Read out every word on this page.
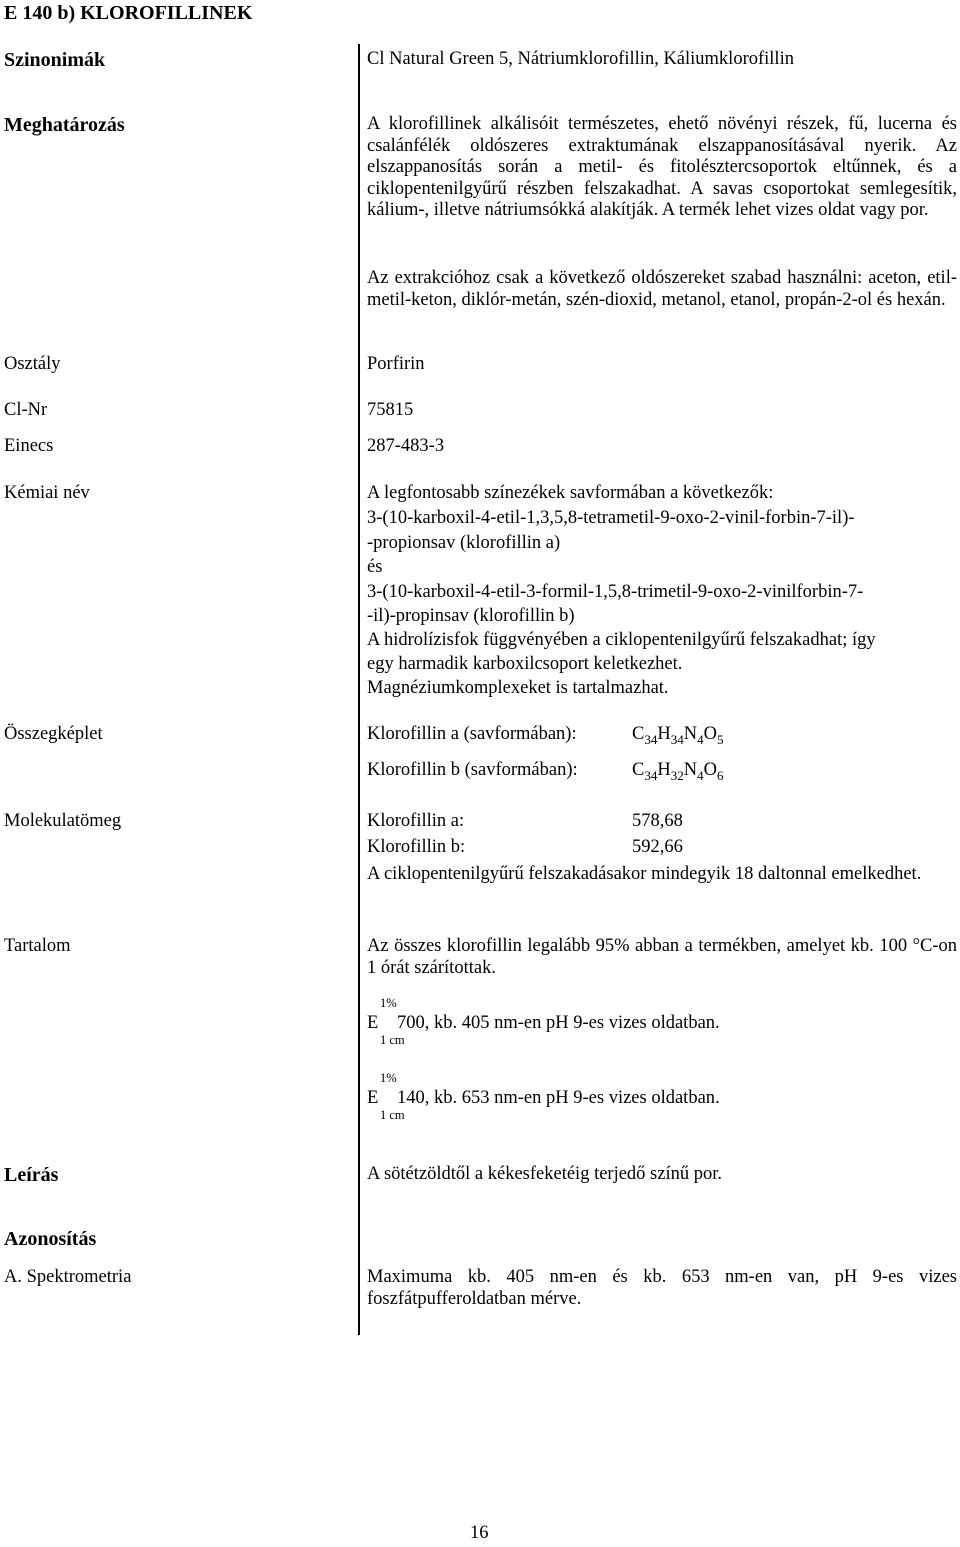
E 140 b) KLOROFILLINEK
Szinonimák	Cl Natural Green 5, Nátriumklorofillin, Káliumklorofillin
Meghatározás	A klorofillinek alkálisóit természetes, ehető növényi részek, fű, lucerna és csalánfélék oldószeres extraktumának elszappanosításával nyerik. Az elszappanosítás során a metil- és fitolésztercsoportok eltűnnek, és a ciklopentenilgyűrű részben felszakadhat. A savas csoportokat semlegesítik, kálium-, illetve nátriumsókká alakítják. A termék lehet vizes oldat vagy por.
Az extrakcióhoz csak a következő oldószereket szabad használni: aceton, etil-metil-keton, diklór-metán, szén-dioxid, metanol, etanol, propán-2-ol és hexán.
Osztály	Porfirin
Cl-Nr	75815
Einecs	287-483-3
Kémiai név	A legfontosabb színezékek savformában a következők:
3-(10-karboxil-4-etil-1,3,5,8-tetrametil-9-oxo-2-vinil-forbin-7-il)-
-propionsav (klorofillin a)
és
3-(10-karboxil-4-etil-3-formil-1,5,8-trimetil-9-oxo-2-vinilforbin-7-
-il)-propinsav (klorofillin b)
A hidrolízisfok függvényében a ciklopentenilgyűrű felszakadhat; így
egy harmadik karboxilcsoport keletkezhet.
Magnéziumkomplexeket is tartalmazhat.
Összegképlet	Klorofillin a (savformában):	$C_{34}H_{34}N_4O_5$
Klorofillin b (savformában):	$C_{34}H_{32}N_4O_6$
Molekulatömeg	Klorofillin a:	578,68
Klorofillin b:	592,66
A ciklopentenilgyűrű felszakadásakor mindegyik 18 daltonnal emelkedhet.
Tartalom	Az összes klorofillin legalább 95% abban a termékben, amelyet kb. 100 °C-on 1 órát szárítottak.
1%
E 700, kb. 405 nm-en pH 9-es vizes oldatban.
1 cm
1%
E 140, kb. 653 nm-en pH 9-es vizes oldatban.
1 cm
Leírás	A sötétzöldtől a kékesfeketéig terjedő színű por.
Azonosítás
A. Spektrometria	Maximuma kb. 405 nm-en és kb. 653 nm-en van, pH 9-es vizes foszfátpufferoldatban mérve.
16
